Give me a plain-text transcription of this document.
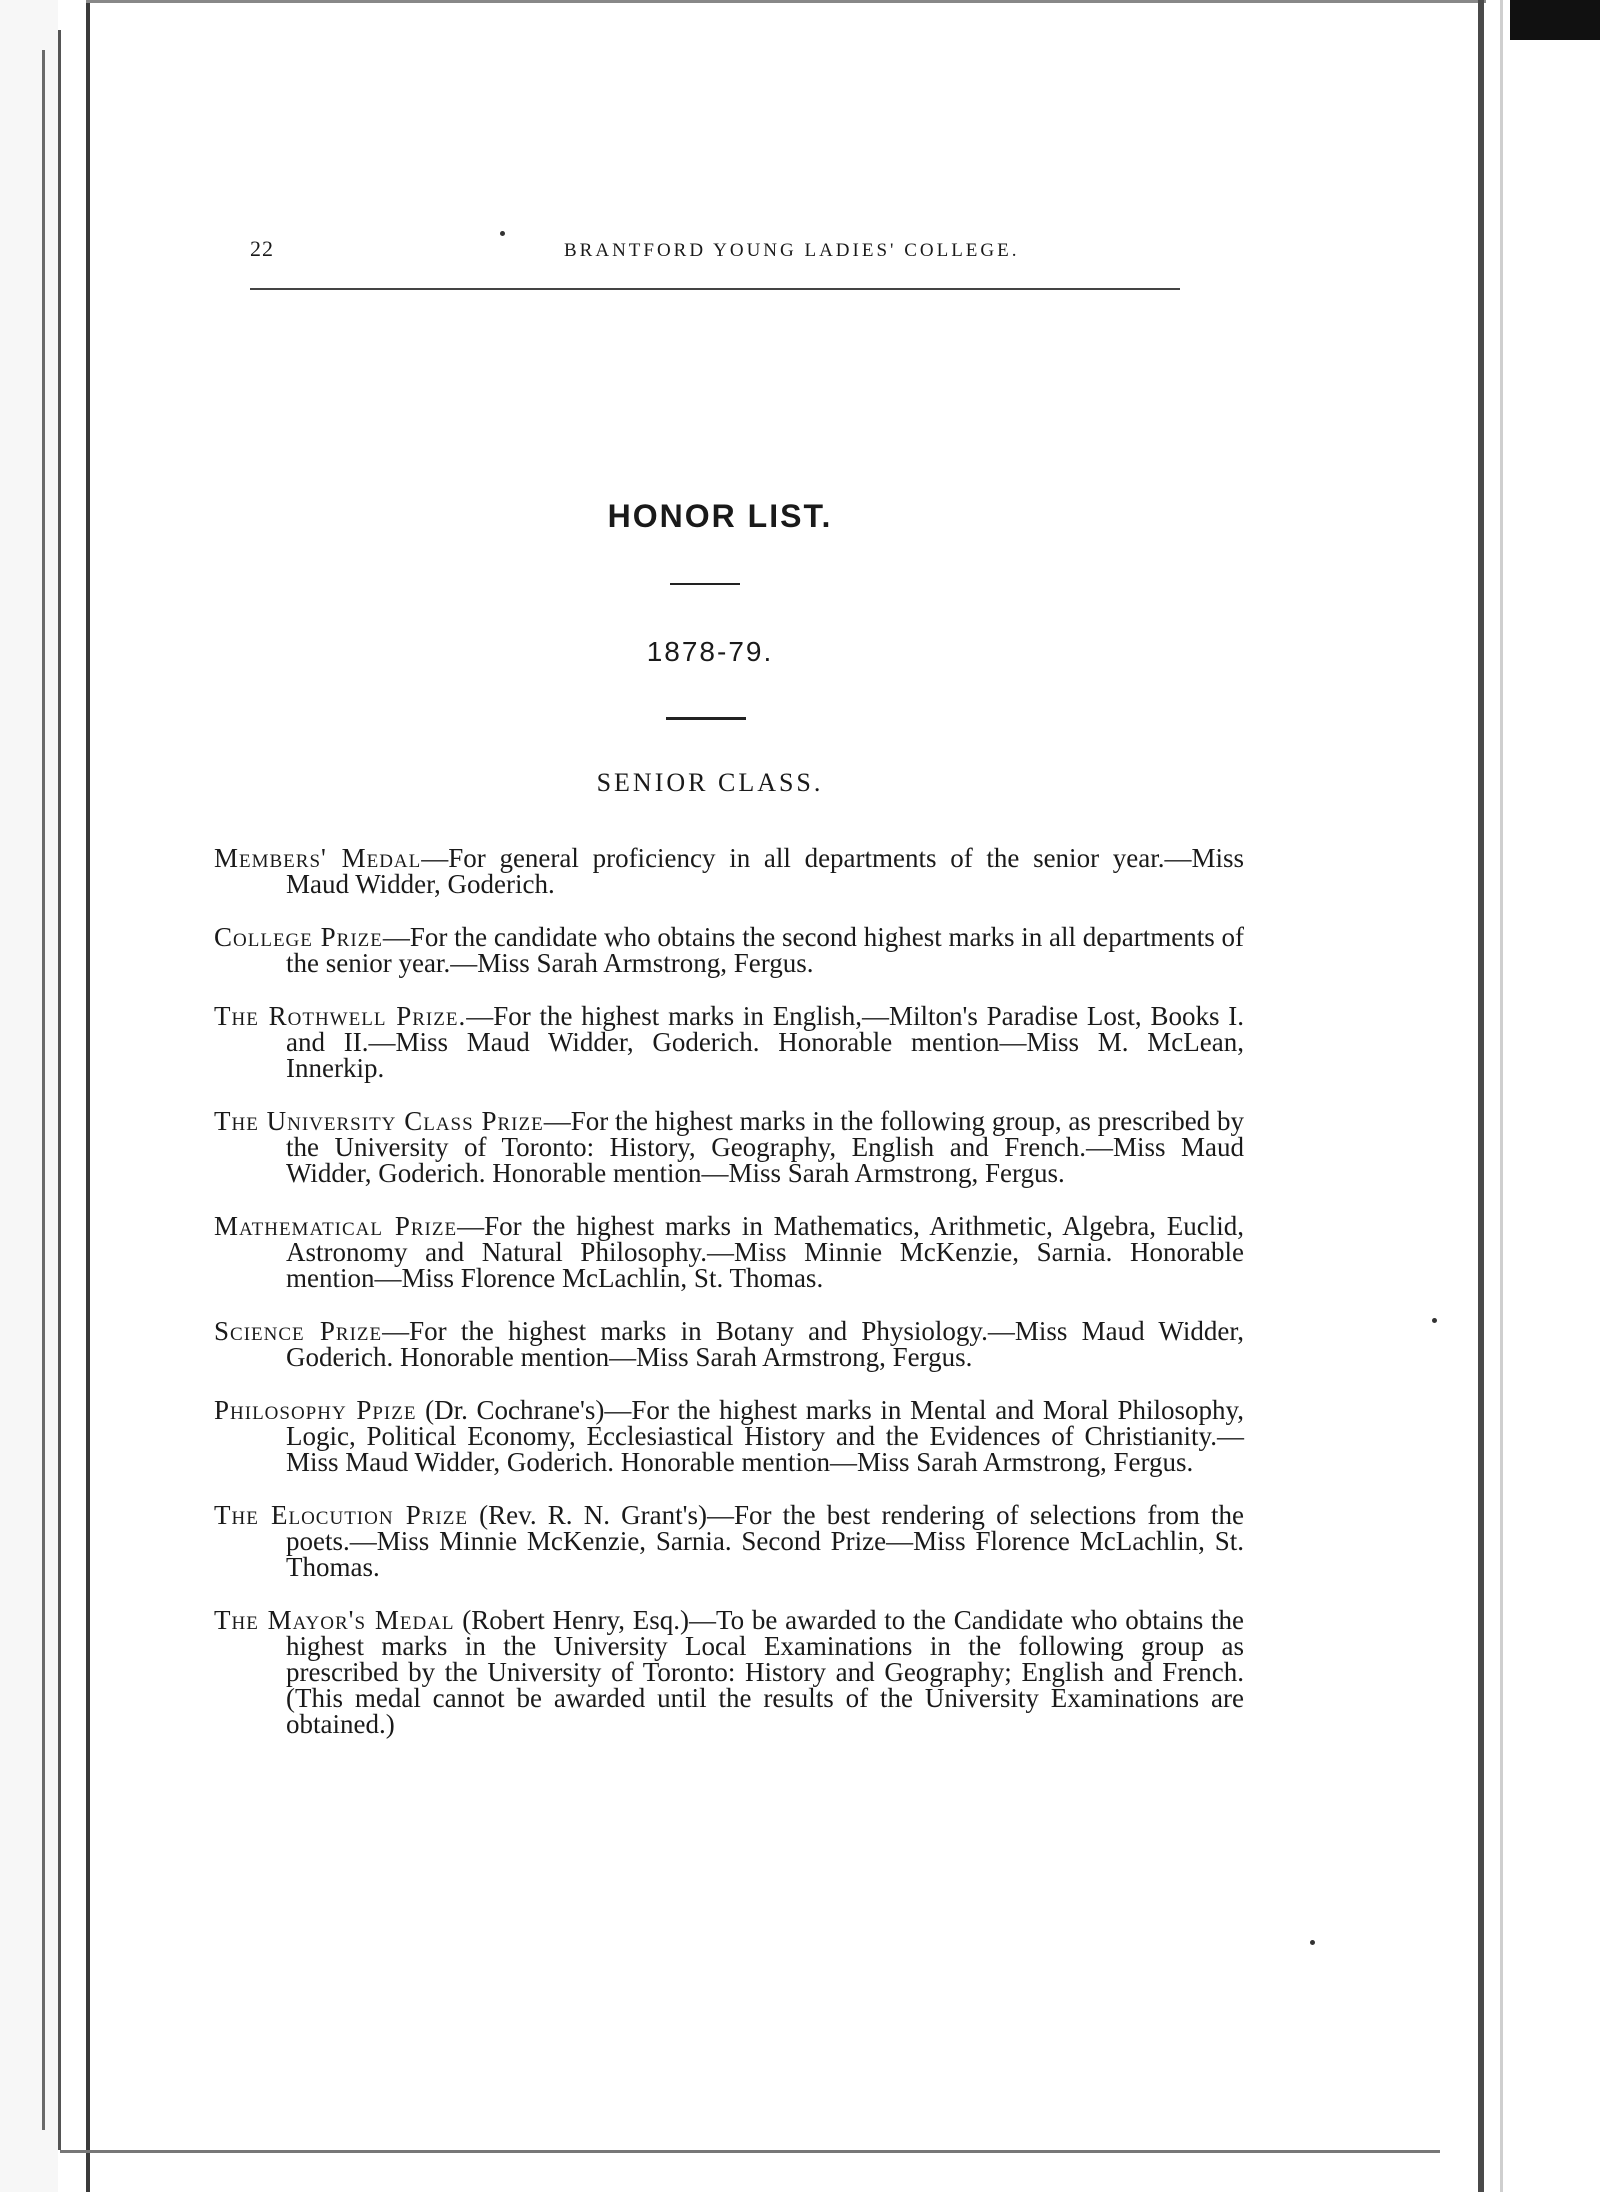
22	BRANTFORD YOUNG LADIES' COLLEGE.
HONOR LIST.
1878-79.
SENIOR CLASS.

Members' Medal—For general proficiency in all departments of the senior year.—Miss Maud Widder, Goderich.

College Prize—For the candidate who obtains the second highest marks in all departments of the senior year.—Miss Sarah Armstrong, Fergus.

The Rothwell Prize.—For the highest marks in English,—Milton's Paradise Lost, Books I. and II.—Miss Maud Widder, Goderich. Honorable mention—Miss M. McLean, Innerkip.

The University Class Prize—For the highest marks in the following group, as prescribed by the University of Toronto: History, Geography, English and French.—Miss Maud Widder, Goderich. Honorable mention—Miss Sarah Armstrong, Fergus.

Mathematical Prize—For the highest marks in Mathematics, Arithmetic, Algebra, Euclid, Astronomy and Natural Philosophy.—Miss Minnie McKenzie, Sarnia. Honorable mention—Miss Florence McLachlin, St. Thomas.

Science Prize—For the highest marks in Botany and Physiology.—Miss Maud Widder, Goderich. Honorable mention—Miss Sarah Armstrong, Fergus.

Philosophy Ppize (Dr. Cochrane's)—For the highest marks in Mental and Moral Philosophy, Logic, Political Economy, Ecclesiastical History and the Evidences of Christianity.—Miss Maud Widder, Goderich. Honorable mention—Miss Sarah Armstrong, Fergus.

The Elocution Prize (Rev. R. N. Grant's)—For the best rendering of selections from the poets.—Miss Minnie McKenzie, Sarnia. Second Prize—Miss Florence McLachlin, St. Thomas.

The Mayor's Medal (Robert Henry, Esq.)—To be awarded to the Candidate who obtains the highest marks in the University Local Examinations in the following group as prescribed by the University of Toronto: History and Geography; English and French. (This medal cannot be awarded until the results of the University Examinations are obtained.)
